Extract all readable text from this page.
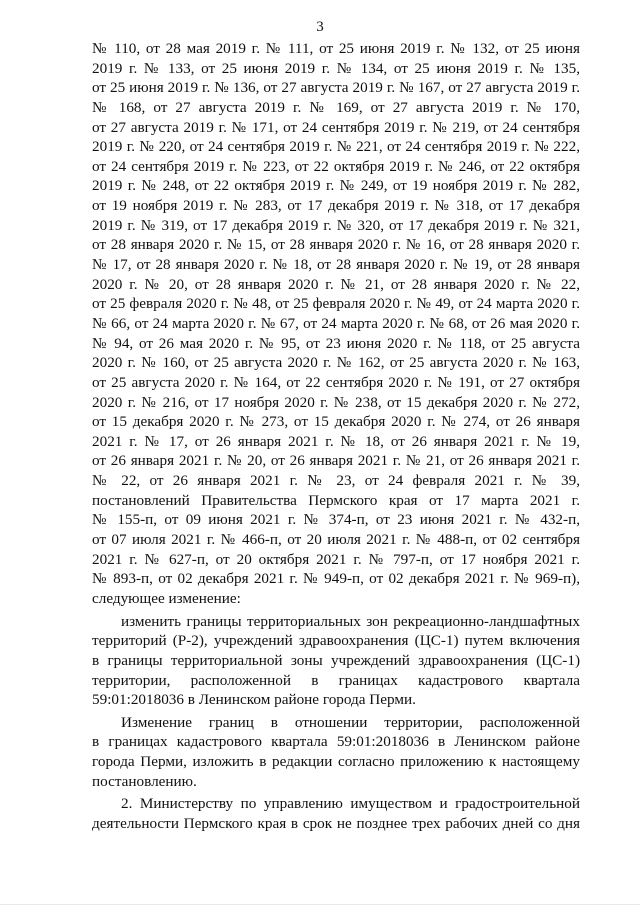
3
№ 110, от 28 мая 2019 г. № 111, от 25 июня 2019 г. № 132, от 25 июня
2019 г. № 133, от 25 июня 2019 г. № 134, от 25 июня 2019 г. № 135,
от 25 июня 2019 г. № 136, от 27 августа 2019 г. № 167, от 27 августа 2019 г.
№ 168, от 27 августа 2019 г. № 169, от 27 августа 2019 г. № 170,
от 27 августа 2019 г. № 171, от 24 сентября 2019 г. № 219, от 24 сентября
2019 г. № 220, от 24 сентября 2019 г. № 221, от 24 сентября 2019 г. № 222,
от 24 сентября 2019 г. № 223, от 22 октября 2019 г. № 246, от 22 октября
2019 г. № 248, от 22 октября 2019 г. № 249, от 19 ноября 2019 г. № 282,
от 19 ноября 2019 г. № 283, от 17 декабря 2019 г. № 318, от 17 декабря
2019 г. № 319, от 17 декабря 2019 г. № 320, от 17 декабря 2019 г. № 321,
от 28 января 2020 г. № 15, от 28 января 2020 г. № 16, от 28 января 2020 г.
№ 17, от 28 января 2020 г. № 18, от 28 января 2020 г. № 19, от 28 января
2020 г. № 20, от 28 января 2020 г. № 21, от 28 января 2020 г. № 22,
от 25 февраля 2020 г. № 48, от 25 февраля 2020 г. № 49, от 24 марта 2020 г.
№ 66, от 24 марта 2020 г. № 67, от 24 марта 2020 г. № 68, от 26 мая 2020 г.
№ 94, от 26 мая 2020 г. № 95, от 23 июня 2020 г. № 118, от 25 августа
2020 г. № 160, от 25 августа 2020 г. № 162, от 25 августа 2020 г. № 163,
от 25 августа 2020 г. № 164, от 22 сентября 2020 г. № 191, от 27 октября
2020 г. № 216, от 17 ноября 2020 г. № 238, от 15 декабря 2020 г. № 272,
от 15 декабря 2020 г. № 273, от 15 декабря 2020 г. № 274, от 26 января
2021 г. № 17, от 26 января 2021 г. № 18, от 26 января 2021 г. № 19,
от 26 января 2021 г. № 20, от 26 января 2021 г. № 21, от 26 января 2021 г.
№ 22, от 26 января 2021 г. № 23, от 24 февраля 2021 г. № 39,
постановлений Правительства Пермского края от 17 марта 2021 г.
№ 155-п, от 09 июня 2021 г. № 374-п, от 23 июня 2021 г. № 432-п,
от 07 июля 2021 г. № 466-п, от 20 июля 2021 г. № 488-п, от 02 сентября
2021 г. № 627-п, от 20 октября 2021 г. № 797-п, от 17 ноября 2021 г.
№ 893-п, от 02 декабря 2021 г. № 949-п, от 02 декабря 2021 г. № 969-п),
следующее изменение:
изменить границы территориальных зон рекреационно-ландшафтных
территорий (Р-2), учреждений здравоохранения (ЦС-1) путем включения
в границы территориальной зоны учреждений здравоохранения (ЦС-1)
территории, расположенной в границах кадастрового квартала
59:01:2018036 в Ленинском районе города Перми.
Изменение границ в отношении территории, расположенной
в границах кадастрового квартала 59:01:2018036 в Ленинском районе
города Перми, изложить в редакции согласно приложению к настоящему
постановлению.
2. Министерству по управлению имуществом и градостроительной
деятельности Пермского края в срок не позднее трех рабочих дней со дня
